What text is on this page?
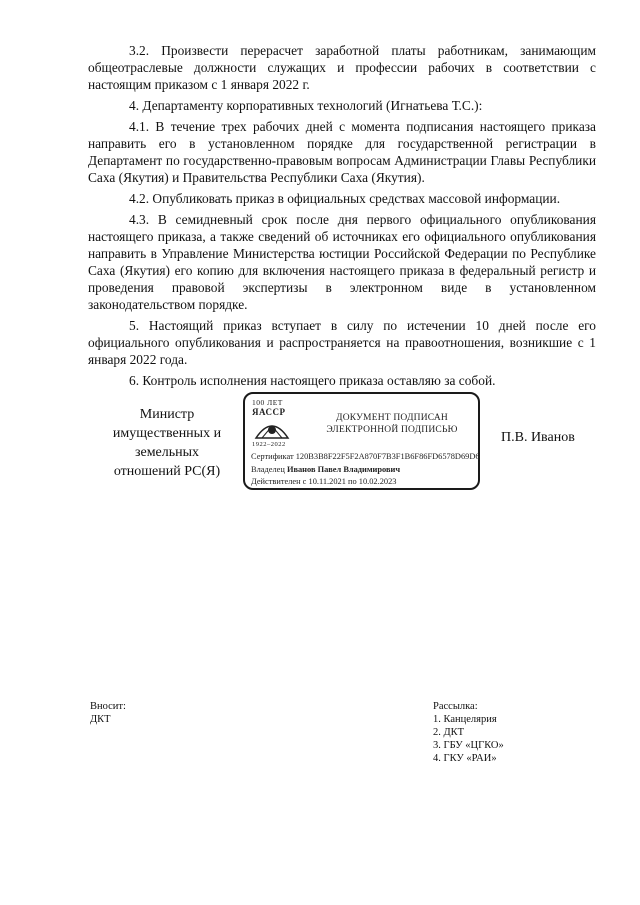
3.2. Произвести перерасчет заработной платы работникам, занимающим общеотраслевые должности служащих и профессии рабочих в соответствии с настоящим приказом с 1 января 2022 г.

4. Департаменту корпоративных технологий (Игнатьева Т.С.):

4.1. В течение трех рабочих дней с момента подписания настоящего приказа направить его в установленном порядке для государственной регистрации в Департамент по государственно-правовым вопросам Администрации Главы Республики Саха (Якутия) и Правительства Республики Саха (Якутия).

4.2. Опубликовать приказ в официальных средствах массовой информации.

4.3. В семидневный срок после дня первого официального опубликования настоящего приказа, а также сведений об источниках его официального опубликования направить в Управление Министерства юстиции Российской Федерации по Республике Саха (Якутия) его копию для включения настоящего приказа в федеральный регистр и проведения правовой экспертизы в электронном виде в установленном законодательством порядке.

5. Настоящий приказ вступает в силу по истечении 10 дней после его официального опубликования и распространяется на правоотношения, возникшие с 1 января 2022 года.

6. Контроль исполнения настоящего приказа оставляю за собой.

Министр
имущественных и
земельных
отношений РС(Я)
100 ЛЕТ
ЯАССР
1922–2022
ДОКУМЕНТ ПОДПИСАН
ЭЛЕКТРОННОЙ ПОДПИСЬЮ
Сертификат 120B3B8F22F5F2A870F7B3F1B6F86FD6578D69D6
Владелец Иванов Павел Владимирович
Действителен с 10.11.2021 по 10.02.2023
П.В. Иванов
Вносит:
ДКТ
Рассылка:
1. Канцелярия
2. ДКТ
3. ГБУ «ЦГКО»
4. ГКУ «РАИ»
